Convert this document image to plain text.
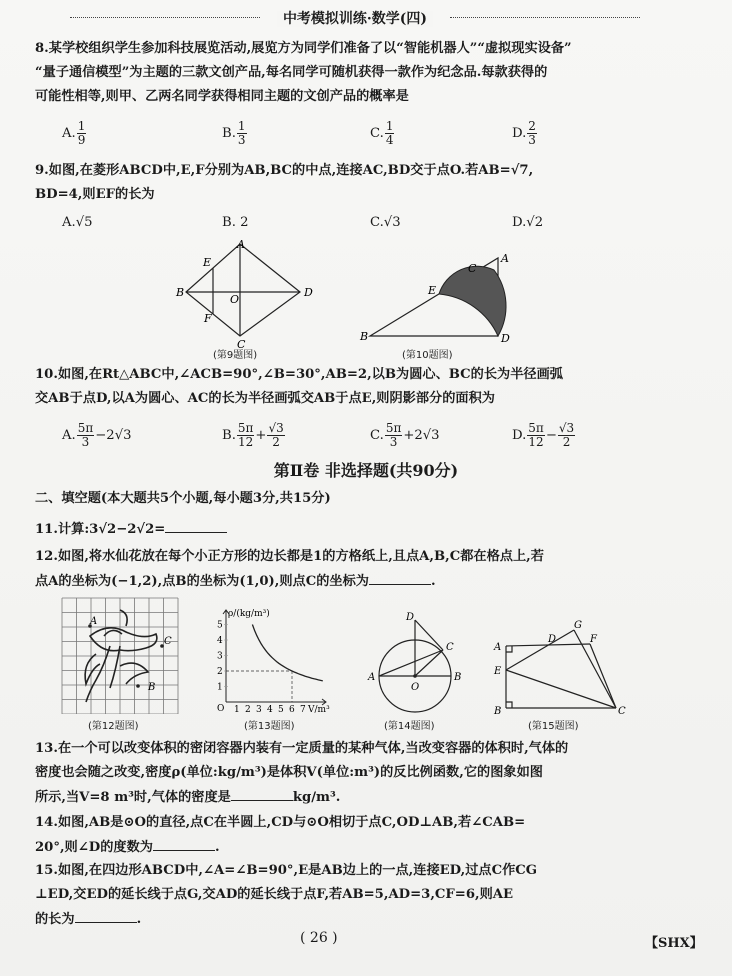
中考模拟训练·数学(四)
8.某学校组织学生参加科技展览活动,展览方为同学们准备了以“智能机器人”“虚拟现实设备”
“量子通信模型”为主题的三款文创产品,每名同学可随机获得一款作为纪念品.每款获得的
可能性相等,则甲、乙两名同学获得相同主题的文创产品的概率是
A. $\frac{1}{9}$	B. $\frac{1}{3}$	C. $\frac{1}{4}$	D. $\frac{2}{3}$
9.如图,在菱形ABCD中,E,F分别为AB,BC的中点,连接AC,BD交于点O.若AB=√7,
BD=4,则EF的长为
A.√5	B. 2	C.√3	D.√2
A
B
C
D
E
F
O
(第9题图)
C
A
B	D
E
(第10题图)
10.如图,在Rt△ABC中,∠ACB=90°,∠B=30°,AB=2,以B为圆心、BC的长为半径画弧
交AB于点D,以A为圆心、AC的长为半径画弧交AB于点E,则阴影部分的面积为
A. $\frac{5\pi}{3} -2√3$	B. $\frac{5\pi}{12} + \frac{√3}{2}$	C. $\frac{5\pi}{3} +2√3$	D. $\frac{5\pi}{12} - \frac{√3}{2}$
第Ⅱ卷 非选择题(共90分)
二、填空题(本大题共5个小题,每小题3分,共15分)
11.计算:3√2−2√2=
12.如图,将水仙花放在每个小正方形的边长都是1的方格纸上,且点A,B,C都在格点上,若
点A的坐标为(−1,2),点B的坐标为(1,0),则点C的坐标为	.
A
B
C
(第12题图)
1 2 3 4 5 6 7
1
2
3
4
5
ρ/(kg/m³)
V/m³
O
(第13题图)
A	B
C
D
O
(第14题图)
A
B	C
D
E
F
G
(第15题图)
13.在一个可以改变体积的密闭容器内装有一定质量的某种气体,当改变容器的体积时,气体的
密度也会随之改变,密度ρ(单位:kg/m³)是体积V(单位:m³)的反比例函数,它的图象如图
所示,当V=8 m³时,气体的密度是	kg/m³.
14.如图,AB是⊙O的直径,点C在半圆上,CD与⊙O相切于点C,OD⊥AB,若∠CAB=
20°,则∠D的度数为	.
15.如图,在四边形ABCD中,∠A=∠B=90°,E是AB边上的一点,连接ED,过点C作CG
⊥ED,交ED的延长线于点G,交AD的延长线于点F,若AB=5,AD=3,CF=6,则AE
的长为	.
( 26 )	【SHX】
